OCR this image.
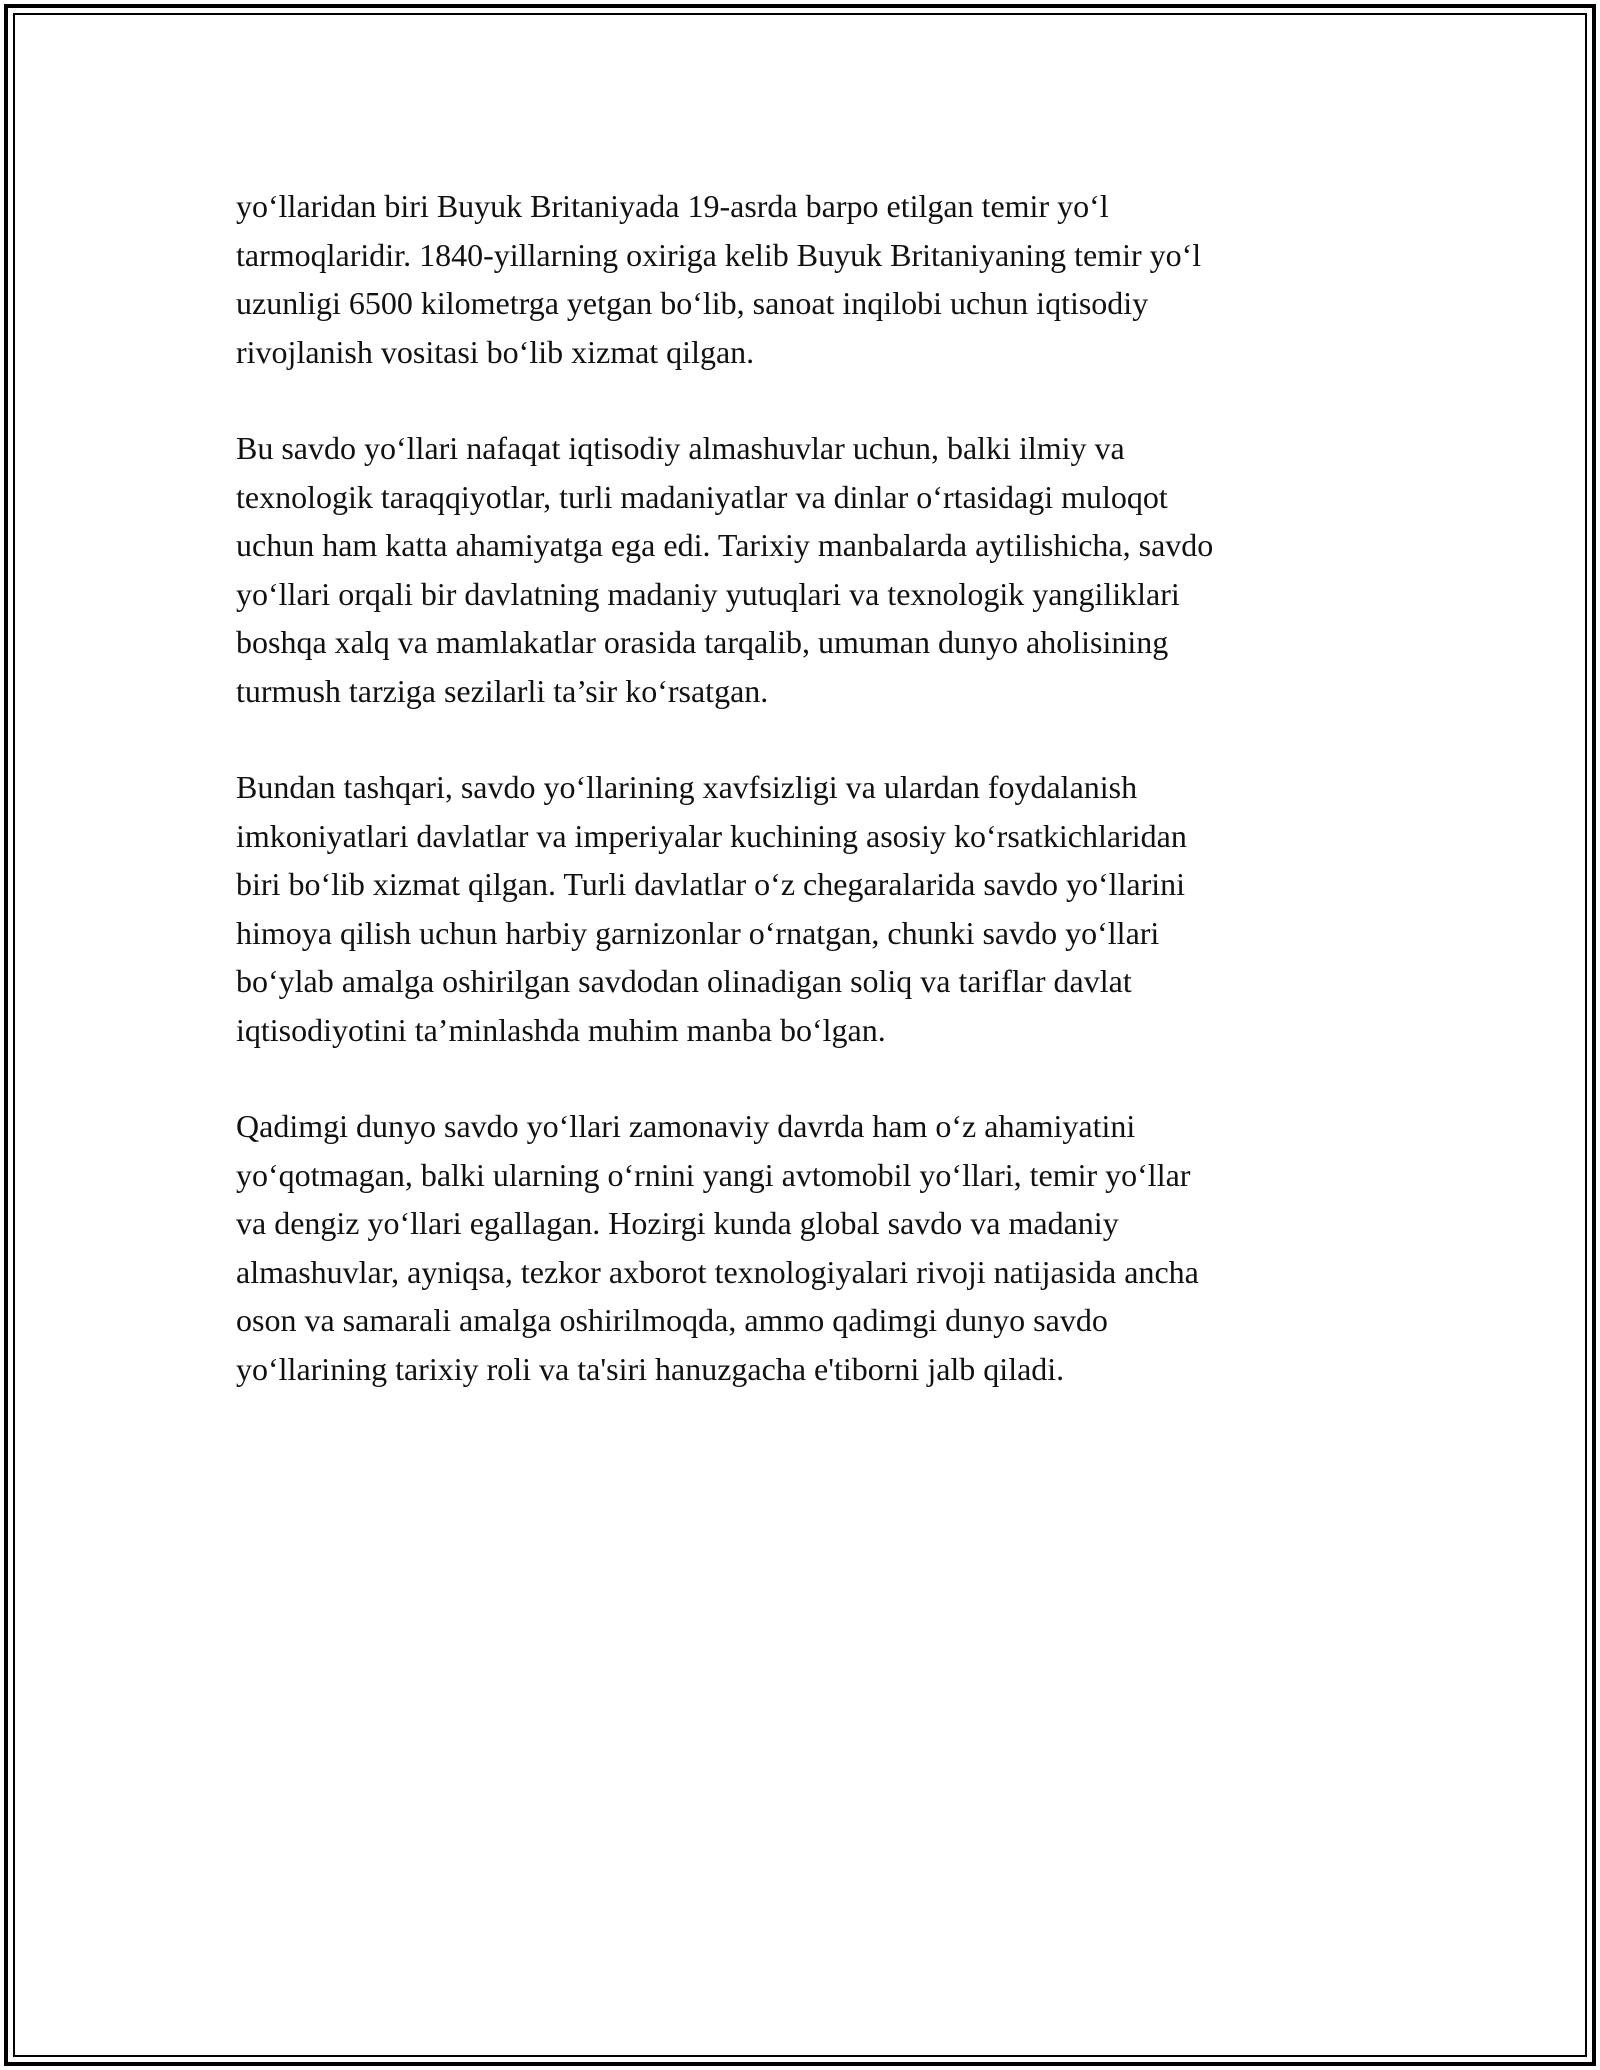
yo‘llaridan biri Buyuk Britaniyada 19-asrda barpo etilgan temir yo‘l
tarmoqlaridir. 1840-yillarning oxiriga kelib Buyuk Britaniyaning temir yo‘l
uzunligi 6500 kilometrga yetgan bo‘lib, sanoat inqilobi uchun iqtisodiy
rivojlanish vositasi bo‘lib xizmat qilgan.

Bu savdo yo‘llari nafaqat iqtisodiy almashuvlar uchun, balki ilmiy va
texnologik taraqqiyotlar, turli madaniyatlar va dinlar o‘rtasidagi muloqot
uchun ham katta ahamiyatga ega edi. Tarixiy manbalarda aytilishicha, savdo
yo‘llari orqali bir davlatning madaniy yutuqlari va texnologik yangiliklari
boshqa xalq va mamlakatlar orasida tarqalib, umuman dunyo aholisining
turmush tarziga sezilarli ta’sir ko‘rsatgan.

Bundan tashqari, savdo yo‘llarining xavfsizligi va ulardan foydalanish
imkoniyatlari davlatlar va imperiyalar kuchining asosiy ko‘rsatkichlaridan
biri bo‘lib xizmat qilgan. Turli davlatlar o‘z chegaralarida savdo yo‘llarini
himoya qilish uchun harbiy garnizonlar o‘rnatgan, chunki savdo yo‘llari
bo‘ylab amalga oshirilgan savdodan olinadigan soliq va tariflar davlat
iqtisodiyotini ta’minlashda muhim manba bo‘lgan.

Qadimgi dunyo savdo yo‘llari zamonaviy davrda ham o‘z ahamiyatini
yo‘qotmagan, balki ularning o‘rnini yangi avtomobil yo‘llari, temir yo‘llar
va dengiz yo‘llari egallagan. Hozirgi kunda global savdo va madaniy
almashuvlar, ayniqsa, tezkor axborot texnologiyalari rivoji natijasida ancha
oson va samarali amalga oshirilmoqda, ammo qadimgi dunyo savdo
yo‘llarining tarixiy roli va ta'siri hanuzgacha e'tiborni jalb qiladi.
